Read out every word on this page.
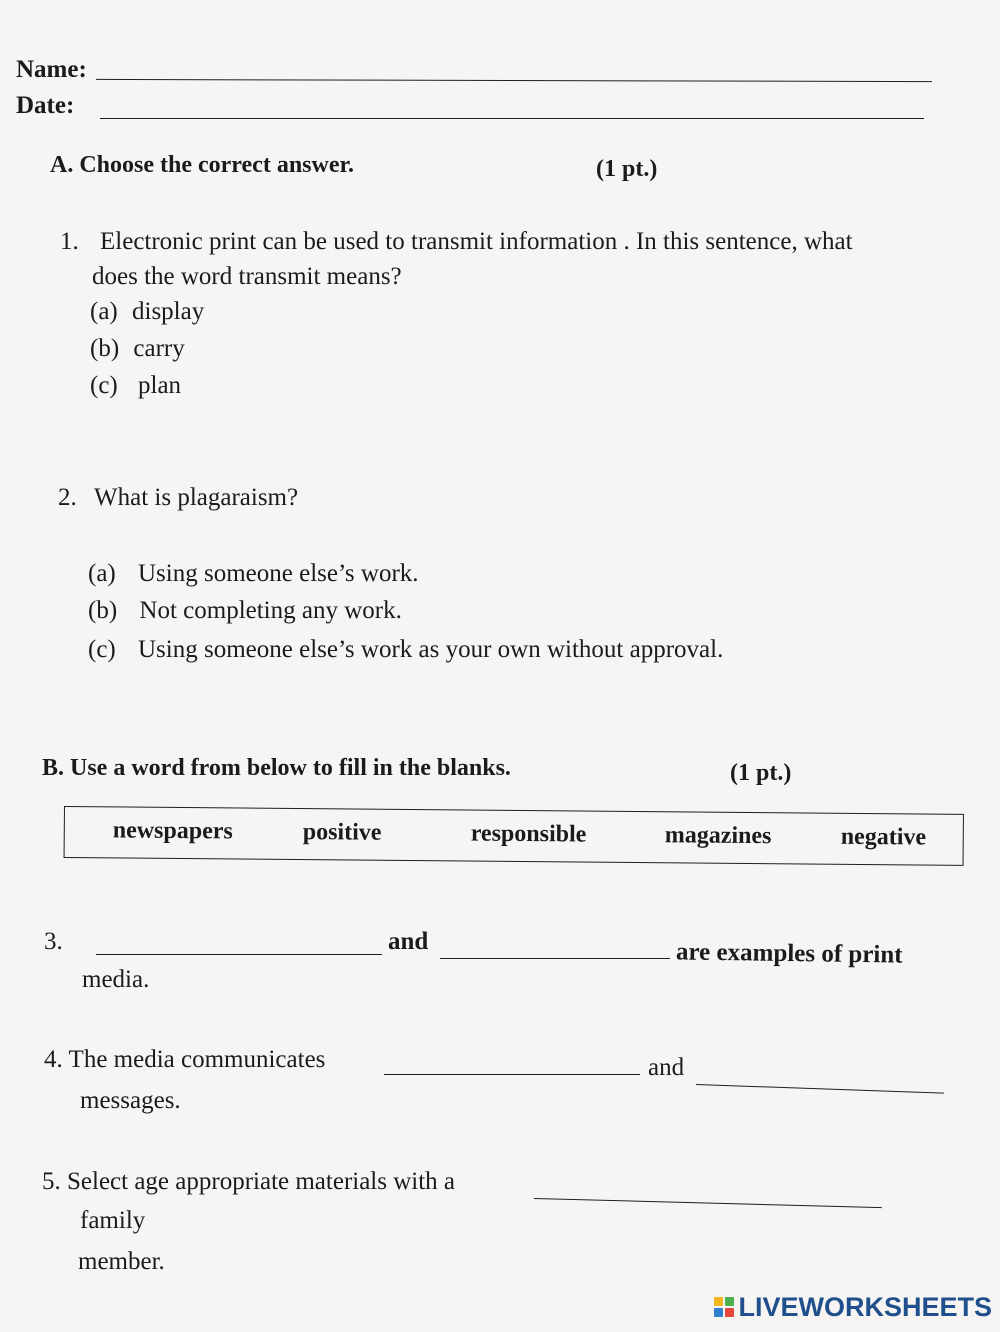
Name:
Date:
A. Choose the correct answer.	(1 pt.)
1. Electronic print can be used to transmit information . In this sentence, what
does the word transmit means?
(a) display
(b) carry
(c) plan
2. What is plagaraism?
(a) Using someone else’s work.
(b) Not completing any work.
(c) Using someone else’s work as your own without approval.
B. Use a word from below to fill in the blanks.	(1 pt.)
newspapers	positive	responsible	magazines	negative
3.	and	are examples of print
media.
4. The media communicates	and
messages.
5. Select age appropriate materials with a
family
member.
LIVEWORKSHEETS
